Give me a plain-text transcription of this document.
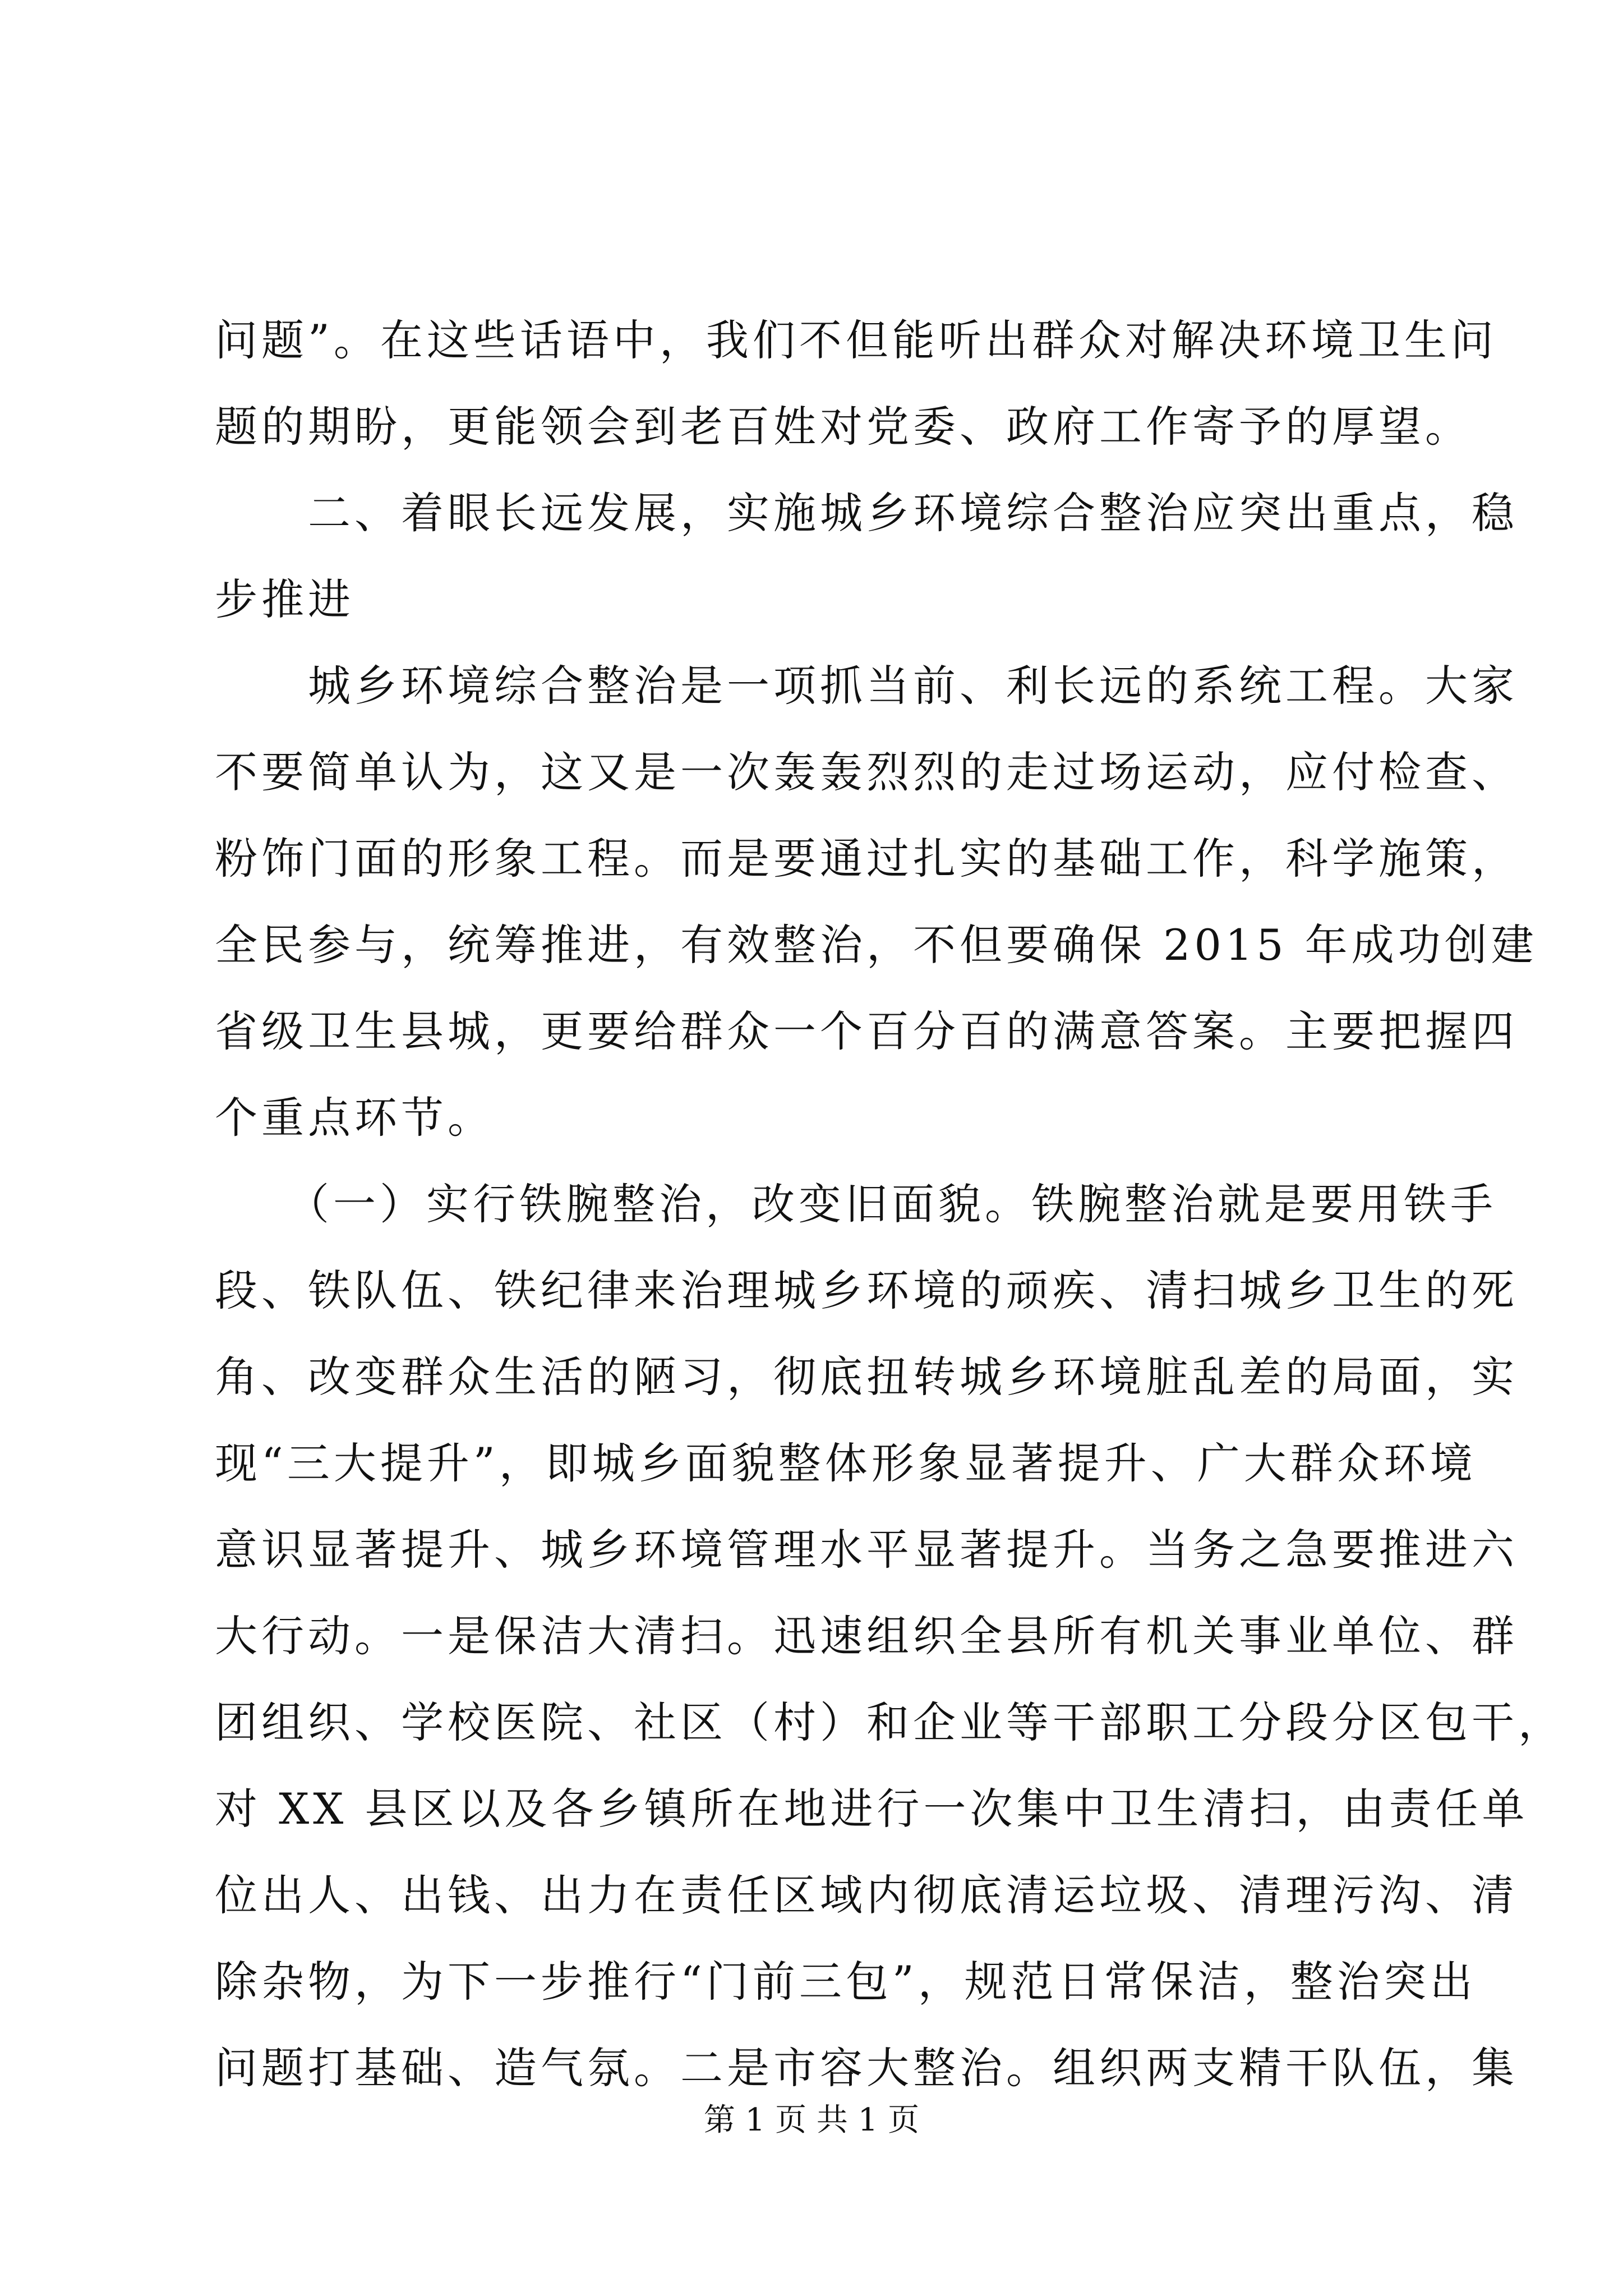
问题”。在这些话语中，我们不但能听出群众对解决环境卫生问
题的期盼，更能领会到老百姓对党委、政府工作寄予的厚望。
　　二、着眼长远发展，实施城乡环境综合整治应突出重点，稳
步推进
　　城乡环境综合整治是一项抓当前、利长远的系统工程。大家
不要简单认为，这又是一次轰轰烈烈的走过场运动，应付检查、
粉饰门面的形象工程。而是要通过扎实的基础工作，科学施策，
全民参与，统筹推进，有效整治，不但要确保 2015 年成功创建
省级卫生县城，更要给群众一个百分百的满意答案。主要把握四
个重点环节。
　　（一）实行铁腕整治，改变旧面貌。铁腕整治就是要用铁手
段、铁队伍、铁纪律来治理城乡环境的顽疾、清扫城乡卫生的死
角、改变群众生活的陋习，彻底扭转城乡环境脏乱差的局面，实
现“三大提升”，即城乡面貌整体形象显著提升、广大群众环境
意识显著提升、城乡环境管理水平显著提升。当务之急要推进六
大行动。一是保洁大清扫。迅速组织全县所有机关事业单位、群
团组织、学校医院、社区（村）和企业等干部职工分段分区包干，
对 XX 县区以及各乡镇所在地进行一次集中卫生清扫，由责任单
位出人、出钱、出力在责任区域内彻底清运垃圾、清理污沟、清
除杂物，为下一步推行“门前三包”，规范日常保洁，整治突出
问题打基础、造气氛。二是市容大整治。组织两支精干队伍，集
第 1 页 共 1 页
